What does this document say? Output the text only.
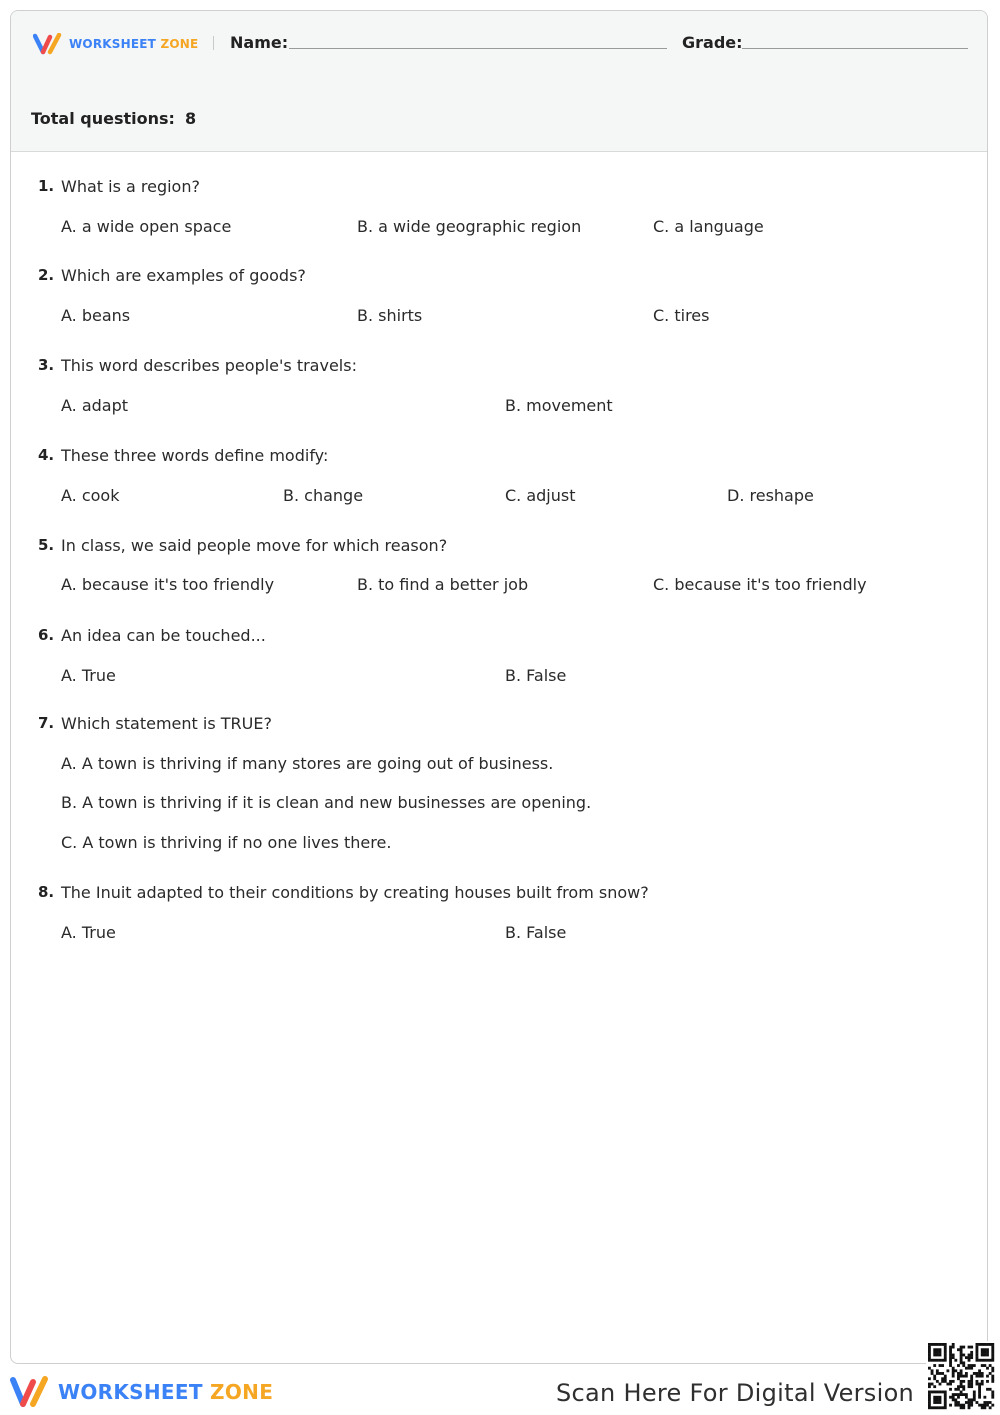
WORKSHEET ZONE Name:	Grade:
Total questions: 8
1. What is a region?
A. a wide open space	B. a wide geographic region	C. a language
2. Which are examples of goods?
A. beans	B. shirts	C. tires
3. This word describes people's travels:
A. adapt	B. movement
4. These three words define modify:
A. cook	B. change	C. adjust	D. reshape
5. In class, we said people move for which reason?
A. because it's too friendly	B. to find a better job	C. because it's too friendly
6. An idea can be touched...
A. True	B. False
7. Which statement is TRUE?
A. A town is thriving if many stores are going out of business.
B. A town is thriving if it is clean and new businesses are opening.
C. A town is thriving if no one lives there.
8. The Inuit adapted to their conditions by creating houses built from snow?
A. True	B. False
WORKSHEET ZONE	Scan Here For Digital Version
